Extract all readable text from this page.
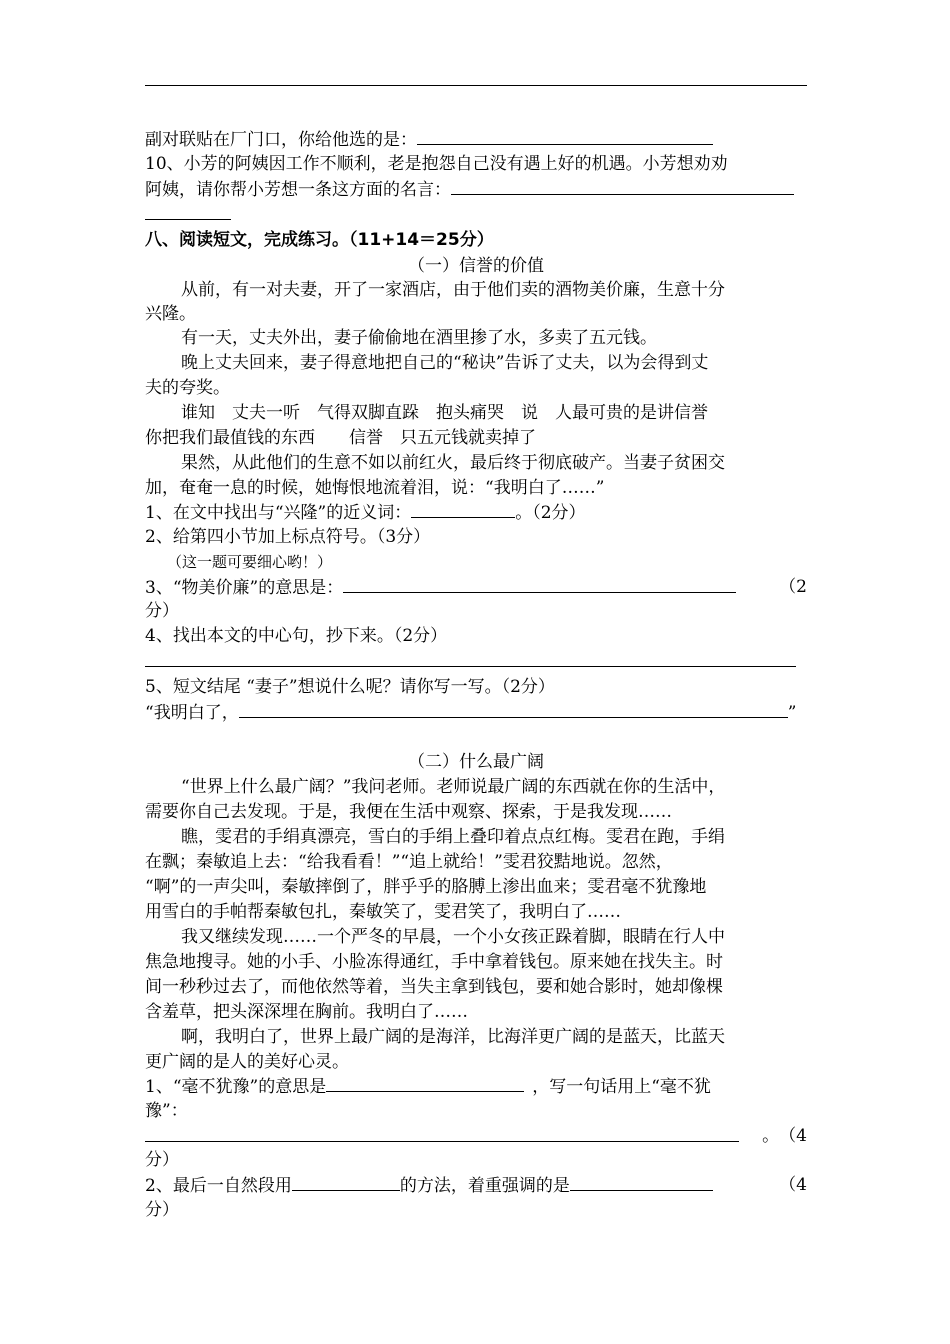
副对联贴在厂门口，你给他选的是：
10、小芳的阿姨因工作不顺利，老是抱怨自己没有遇上好的机遇。小芳想劝劝
阿姨，请你帮小芳想一条这方面的名言：
八、阅读短文，完成练习。（11+14＝25分）
（一）信誉的价值
从前，有一对夫妻，开了一家酒店，由于他们卖的酒物美价廉，生意十分
兴隆。
有一天，丈夫外出，妻子偷偷地在酒里掺了水，多卖了五元钱。
晚上丈夫回来，妻子得意地把自己的“秘诀”告诉了丈夫，以为会得到丈
夫的夸奖。
谁知　丈夫一听　气得双脚直跺　抱头痛哭　说　人最可贵的是讲信誉
你把我们最值钱的东西　　信誉　只五元钱就卖掉了
果然，从此他们的生意不如以前红火，最后终于彻底破产。当妻子贫困交
加，奄奄一息的时候，她悔恨地流着泪，说：“我明白了……”
1、在文中找出与“兴隆”的近义词：	。（2分）
2、给第四小节加上标点符号。（3分）
（这一题可要细心哟！）
3、“物美价廉”的意思是：	（2
分）
4、找出本文的中心句，抄下来。（2分）
5、短文结尾 “妻子”想说什么呢？请你写一写。（2分）
“我明白了，	”
（二）什么最广阔
“世界上什么最广阔？”我问老师。老师说最广阔的东西就在你的生活中，
需要你自己去发现。于是，我便在生活中观察、探索，于是我发现……
瞧，雯君的手绢真漂亮，雪白的手绢上叠印着点点红梅。雯君在跑，手绢
在飘；秦敏追上去：“给我看看！”“追上就给！”雯君狡黠地说。忽然，
“啊”的一声尖叫，秦敏摔倒了，胖乎乎的胳膊上渗出血来；雯君毫不犹豫地
用雪白的手帕帮秦敏包扎，秦敏笑了，雯君笑了，我明白了……
我又继续发现……一个严冬的早晨，一个小女孩正跺着脚，眼睛在行人中
焦急地搜寻。她的小手、小脸冻得通红，手中拿着钱包。原来她在找失主。时
间一秒秒过去了，而他依然等着，当失主拿到钱包，要和她合影时，她却像棵
含羞草，把头深深埋在胸前。我明白了……
啊，我明白了，世界上最广阔的是海洋，比海洋更广阔的是蓝天，比蓝天
更广阔的是人的美好心灵。
1、“毫不犹豫”的意思是	，写一句话用上“毫不犹
豫”：
。　（4
分）
2、最后一自然段用	的方法，着重强调的是	（4
分）
